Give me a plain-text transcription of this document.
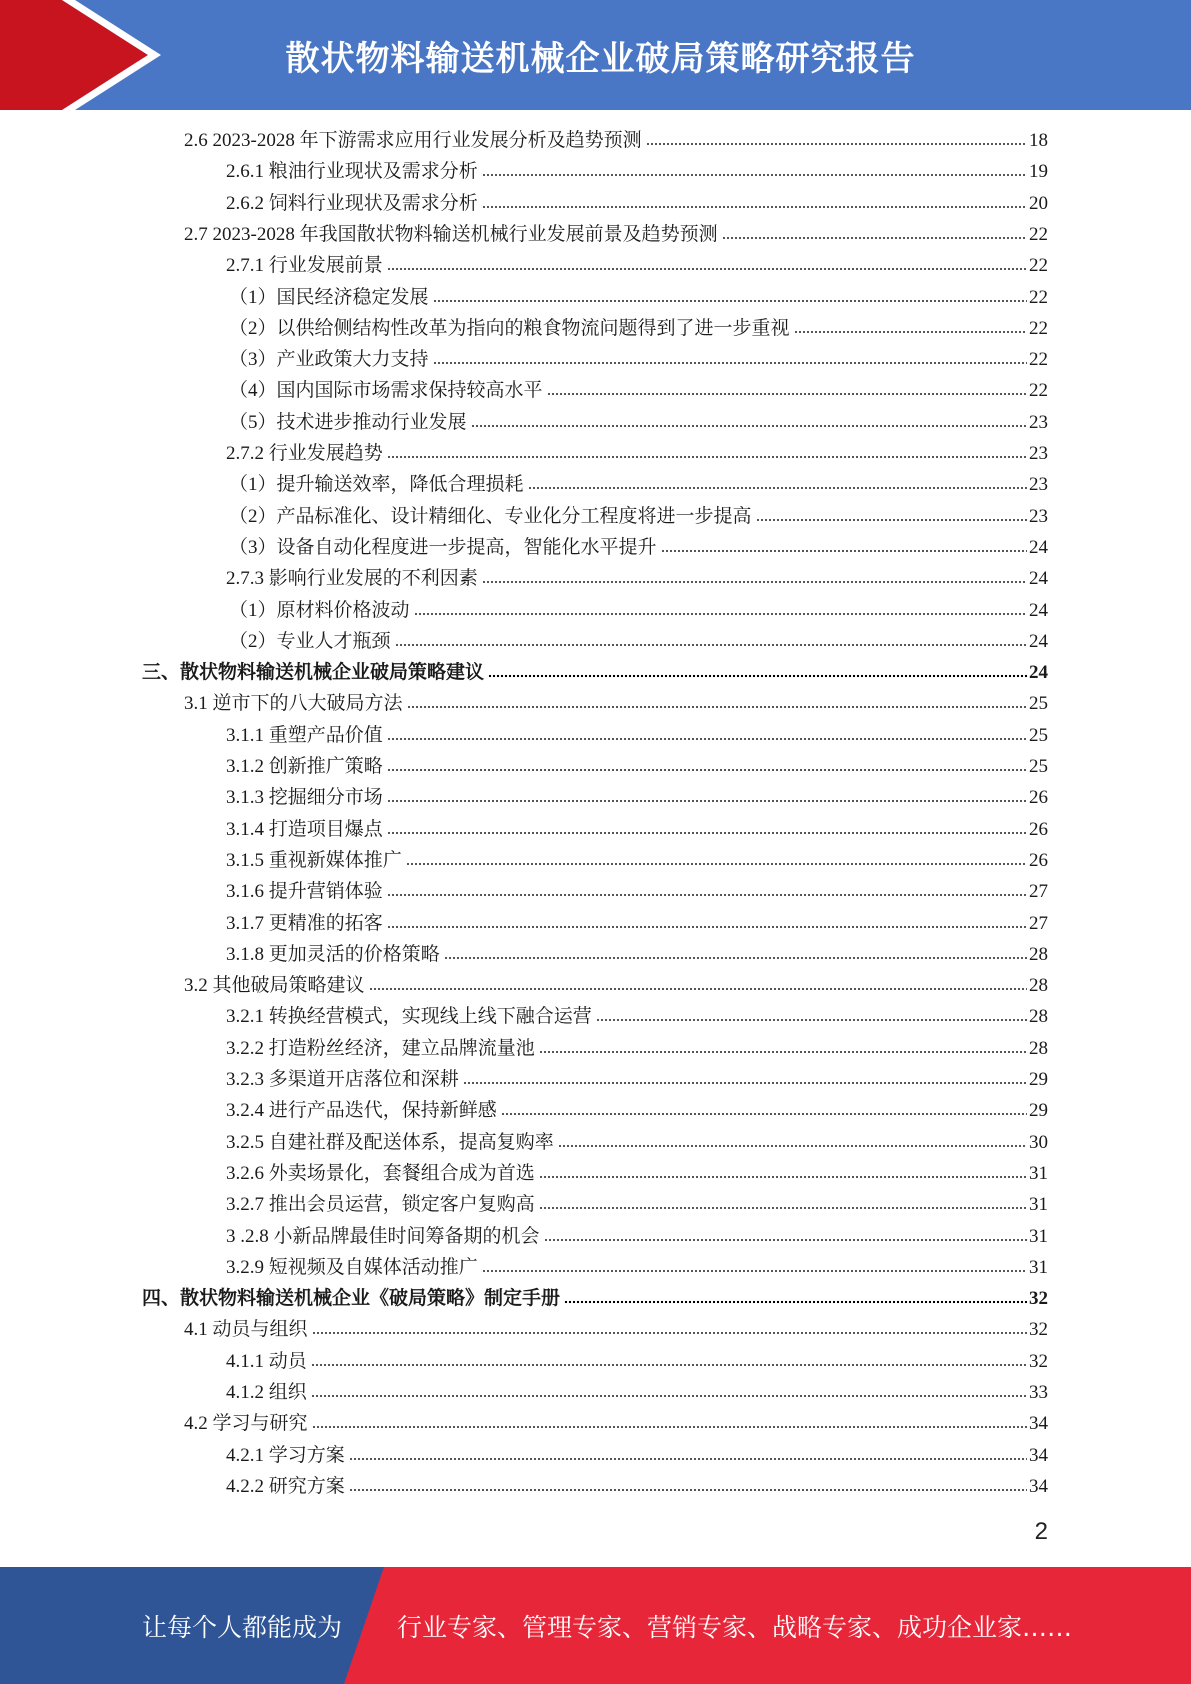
散状物料输送机械企业破局策略研究报告
2.6 2023-2028 年下游需求应用行业发展分析及趋势预测	18
2.6.1 粮油行业现状及需求分析	19
2.6.2 饲料行业现状及需求分析	20
2.7 2023-2028 年我国散状物料输送机械行业发展前景及趋势预测	22
2.7.1 行业发展前景	22
（1）国民经济稳定发展	22
（2）以供给侧结构性改革为指向的粮食物流问题得到了进一步重视	22
（3）产业政策大力支持	22
（4）国内国际市场需求保持较高水平	22
（5）技术进步推动行业发展	23
2.7.2 行业发展趋势	23
（1）提升输送效率，降低合理损耗	23
（2）产品标准化、设计精细化、专业化分工程度将进一步提高	23
（3）设备自动化程度进一步提高，智能化水平提升	24
2.7.3 影响行业发展的不利因素	24
（1）原材料价格波动	24
（2）专业人才瓶颈	24
三、散状物料输送机械企业破局策略建议	24
3.1 逆市下的八大破局方法	25
3.1.1 重塑产品价值	25
3.1.2 创新推广策略	25
3.1.3 挖掘细分市场	26
3.1.4 打造项目爆点	26
3.1.5 重视新媒体推广	26
3.1.6 提升营销体验	27
3.1.7 更精准的拓客	27
3.1.8 更加灵活的价格策略	28
3.2 其他破局策略建议	28
3.2.1 转换经营模式，实现线上线下融合运营	28
3.2.2 打造粉丝经济，建立品牌流量池	28
3.2.3 多渠道开店落位和深耕	29
3.2.4 进行产品迭代，保持新鲜感	29
3.2.5 自建社群及配送体系，提高复购率	30
3.2.6 外卖场景化，套餐组合成为首选	31
3.2.7 推出会员运营，锁定客户复购高	31
3 .2.8 小新品牌最佳时间筹备期的机会	31
3.2.9 短视频及自媒体活动推广	31
四、散状物料输送机械企业《破局策略》制定手册	32
4.1 动员与组织	32
4.1.1 动员	32
4.1.2 组织	33
4.2 学习与研究	34
4.2.1 学习方案	34
4.2.2 研究方案	34
2
让每个人都能成为 行业专家、管理专家、营销专家、战略专家、成功企业家……
